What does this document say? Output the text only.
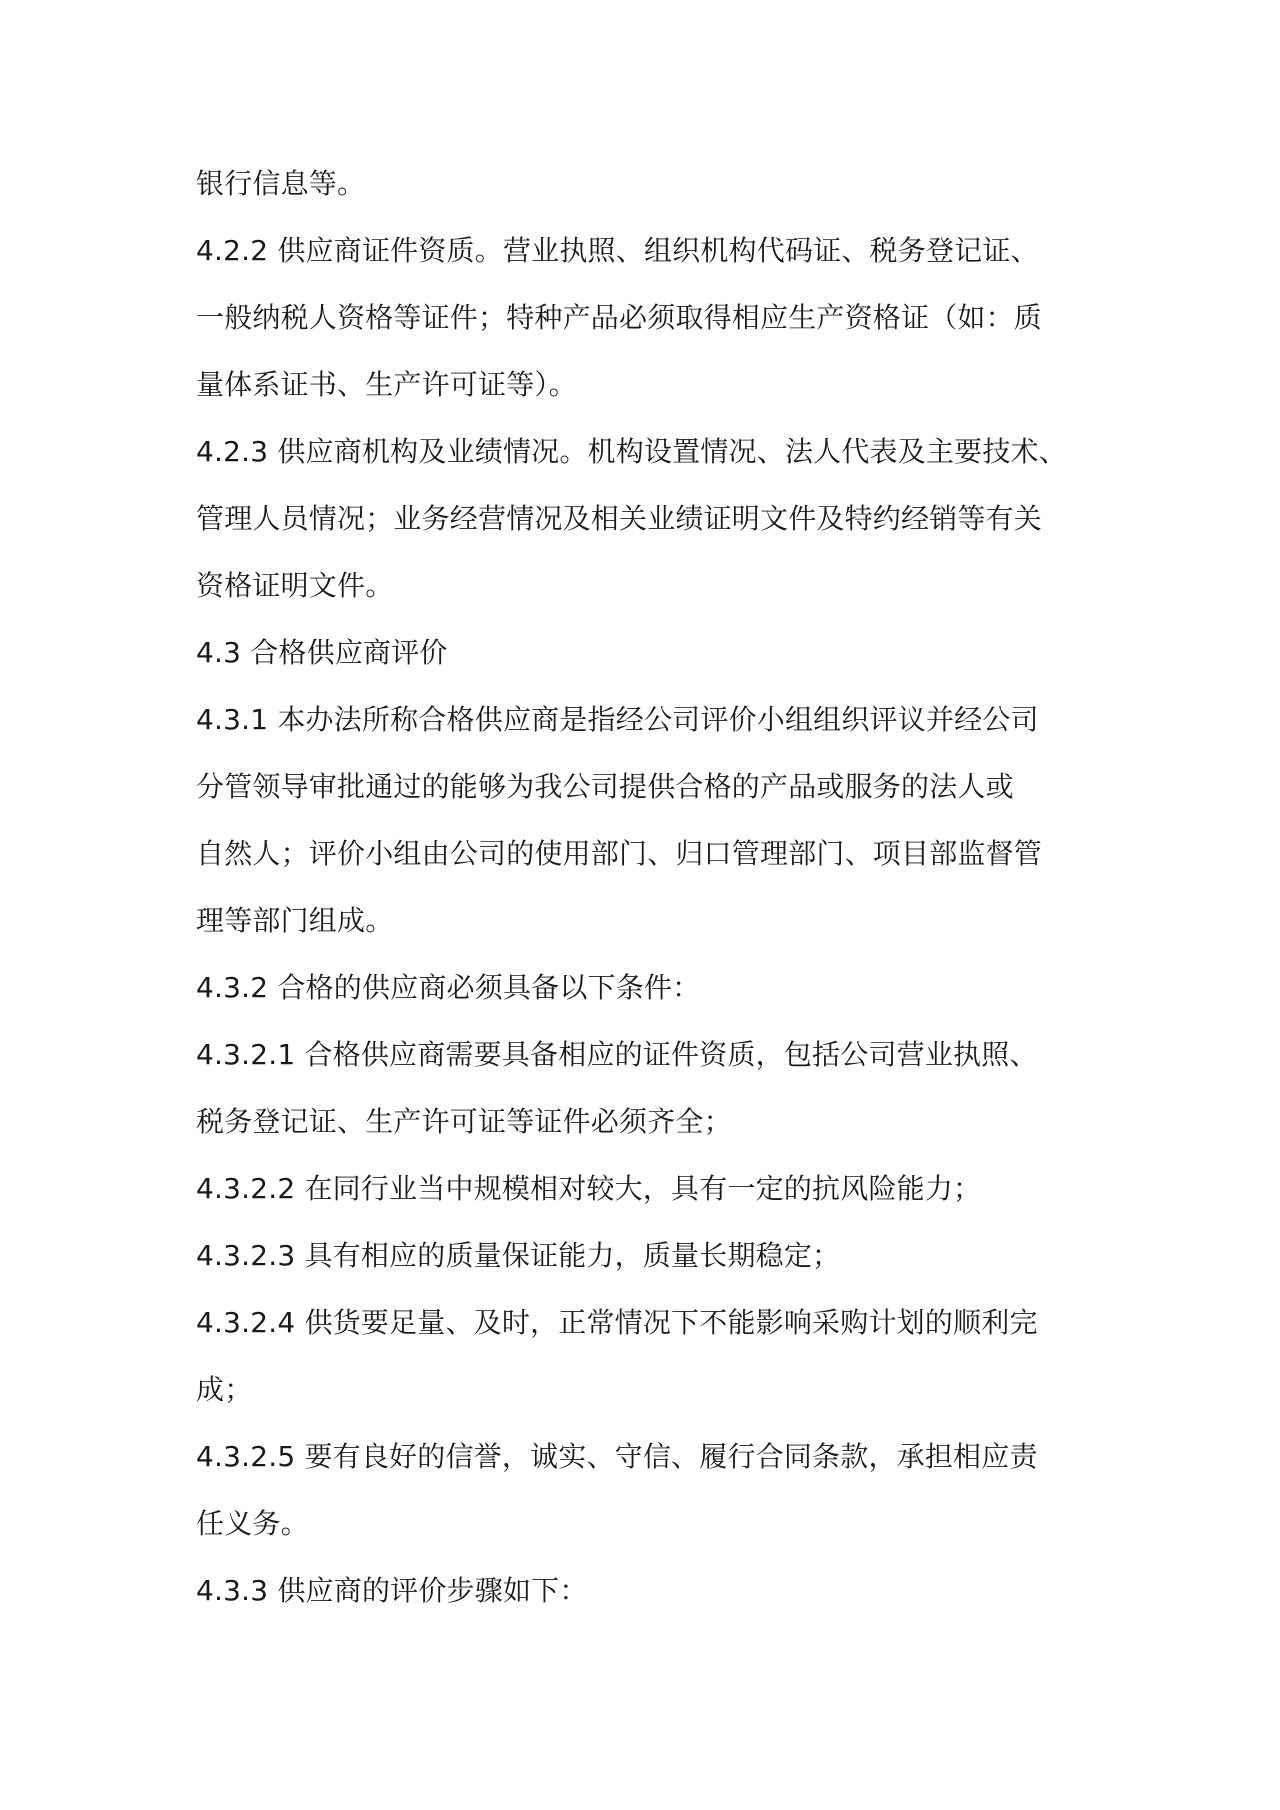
银行信息等。
4.2.2 供应商证件资质。营业执照、组织机构代码证、税务登记证、
一般纳税人资格等证件；特种产品必须取得相应生产资格证（如：质
量体系证书、生产许可证等）。
4.2.3 供应商机构及业绩情况。机构设置情况、法人代表及主要技术、
管理人员情况；业务经营情况及相关业绩证明文件及特约经销等有关
资格证明文件。
4.3 合格供应商评价
4.3.1 本办法所称合格供应商是指经公司评价小组组织评议并经公司
分管领导审批通过的能够为我公司提供合格的产品或服务的法人或
自然人；评价小组由公司的使用部门、归口管理部门、项目部监督管
理等部门组成。
4.3.2 合格的供应商必须具备以下条件：
4.3.2.1 合格供应商需要具备相应的证件资质，包括公司营业执照、
税务登记证、生产许可证等证件必须齐全；
4.3.2.2 在同行业当中规模相对较大，具有一定的抗风险能力；
4.3.2.3 具有相应的质量保证能力，质量长期稳定；
4.3.2.4 供货要足量、及时，正常情况下不能影响采购计划的顺利完
成；
4.3.2.5 要有良好的信誉，诚实、守信、履行合同条款，承担相应责
任义务。
4.3.3 供应商的评价步骤如下：
